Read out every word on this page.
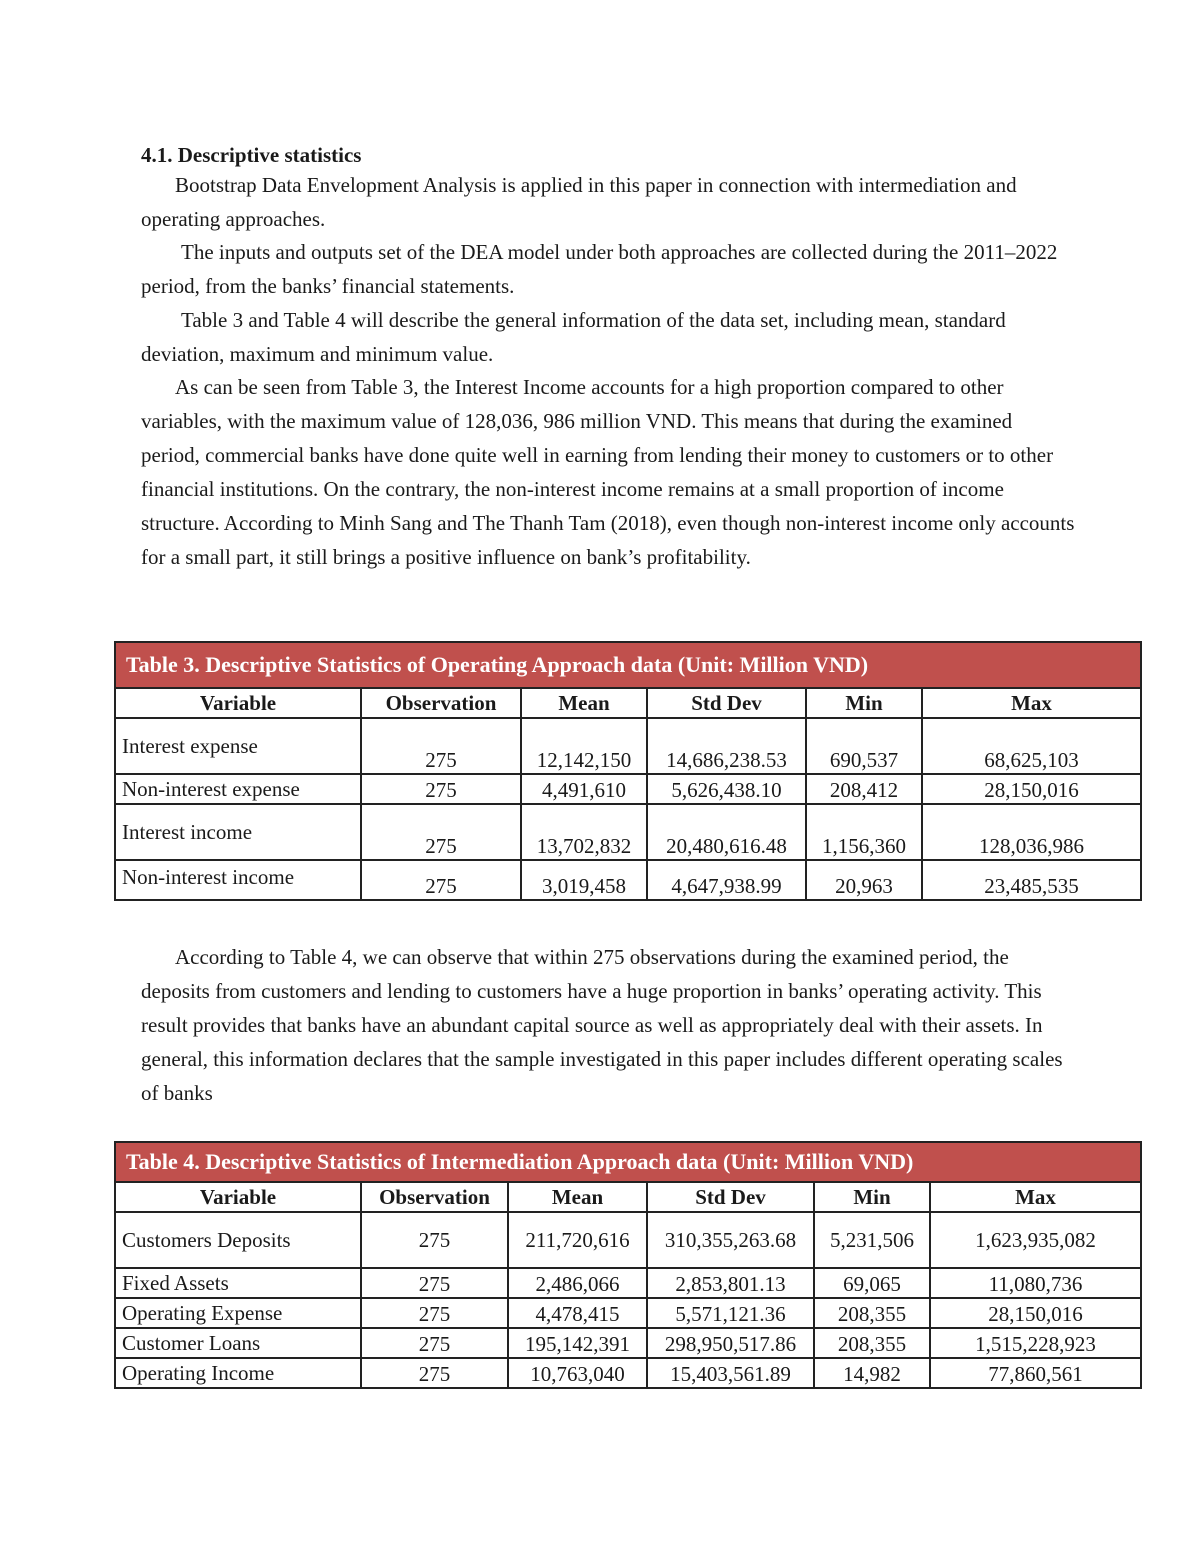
4.1. Descriptive statistics

Bootstrap Data Envelopment Analysis is applied in this paper in connection with intermediation and operating approaches.

The inputs and outputs set of the DEA model under both approaches are collected during the 2011–2022 period, from the banks’ financial statements.

Table 3 and Table 4 will describe the general information of the data set, including mean, standard deviation, maximum and minimum value.

As can be seen from Table 3, the Interest Income accounts for a high proportion compared to other variables, with the maximum value of 128,036, 986 million VND. This means that during the examined period, commercial banks have done quite well in earning from lending their money to customers or to other financial institutions. On the contrary, the non-interest income remains at a small proportion of income structure. According to Minh Sang and The Thanh Tam (2018), even though non-interest income only accounts for a small part, it still brings a positive influence on bank’s profitability.

Table 3. Descriptive Statistics of Operating Approach data (Unit: Million VND)					
Variable	Observation	Mean	Std Dev	Min	Max
Interest expense	275	12,142,150	14,686,238.53	690,537	68,625,103
Non-interest expense	275	4,491,610	5,626,438.10	208,412	28,150,016
Interest income	275	13,702,832	20,480,616.48	1,156,360	128,036,986
Non-interest income	275	3,019,458	4,647,938.99	20,963	23,485,535

According to Table 4, we can observe that within 275 observations during the examined period, the deposits from customers and lending to customers have a huge proportion in banks’ operating activity. This result provides that banks have an abundant capital source as well as appropriately deal with their assets. In general, this information declares that the sample investigated in this paper includes different operating scales of banks

Table 4. Descriptive Statistics of Intermediation Approach data (Unit: Million VND)					
Variable	Observation	Mean	Std Dev	Min	Max
Customers Deposits	275	211,720,616	310,355,263.68	5,231,506	1,623,935,082
Fixed Assets	275	2,486,066	2,853,801.13	69,065	11,080,736
Operating Expense	275	4,478,415	5,571,121.36	208,355	28,150,016
Customer Loans	275	195,142,391	298,950,517.86	208,355	1,515,228,923
Operating Income	275	10,763,040	15,403,561.89	14,982	77,860,561
